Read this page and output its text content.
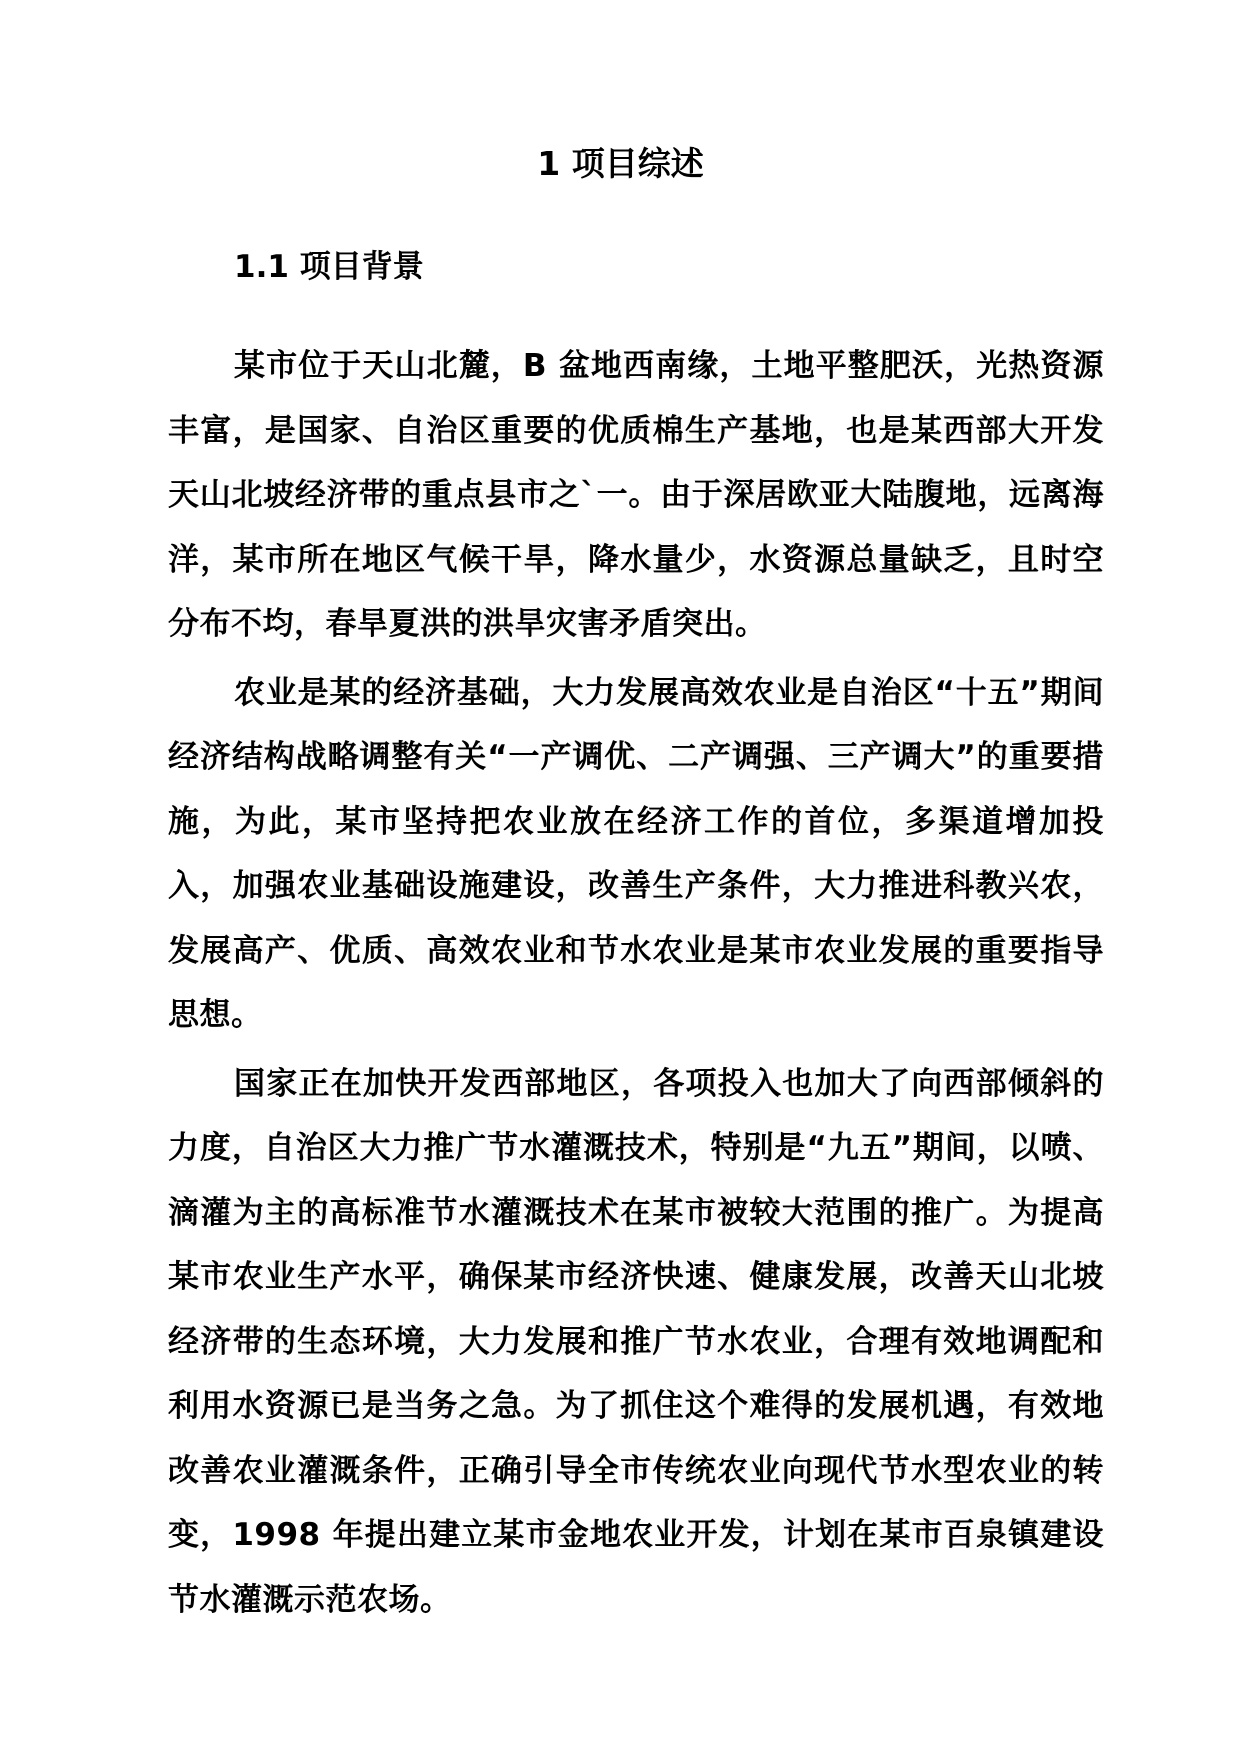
1 项目综述
1.1 项目背景

某市位于天山北麓，B 盆地西南缘，土地平整肥沃，光热资源丰富，是国家、自治区重要的优质棉生产基地，也是某西部大开发天山北坡经济带的重点县市之`一。由于深居欧亚大陆腹地，远离海洋，某市所在地区气候干旱，降水量少，水资源总量缺乏，且时空分布不均，春旱夏洪的洪旱灾害矛盾突出。

农业是某的经济基础，大力发展高效农业是自治区“十五”期间经济结构战略调整有关“一产调优、二产调强、三产调大”的重要措施，为此，某市坚持把农业放在经济工作的首位，多渠道增加投入，加强农业基础设施建设，改善生产条件，大力推进科教兴农，发展高产、优质、高效农业和节水农业是某市农业发展的重要指导思想。

国家正在加快开发西部地区，各项投入也加大了向西部倾斜的力度，自治区大力推广节水灌溉技术，特别是“九五”期间，以喷、滴灌为主的高标准节水灌溉技术在某市被较大范围的推广。为提高某市农业生产水平，确保某市经济快速、健康发展，改善天山北坡经济带的生态环境，大力发展和推广节水农业，合理有效地调配和利用水资源已是当务之急。为了抓住这个难得的发展机遇，有效地改善农业灌溉条件，正确引导全市传统农业向现代节水型农业的转变，1998 年提出建立某市金地农业开发，计划在某市百泉镇建设节水灌溉示范农场。
